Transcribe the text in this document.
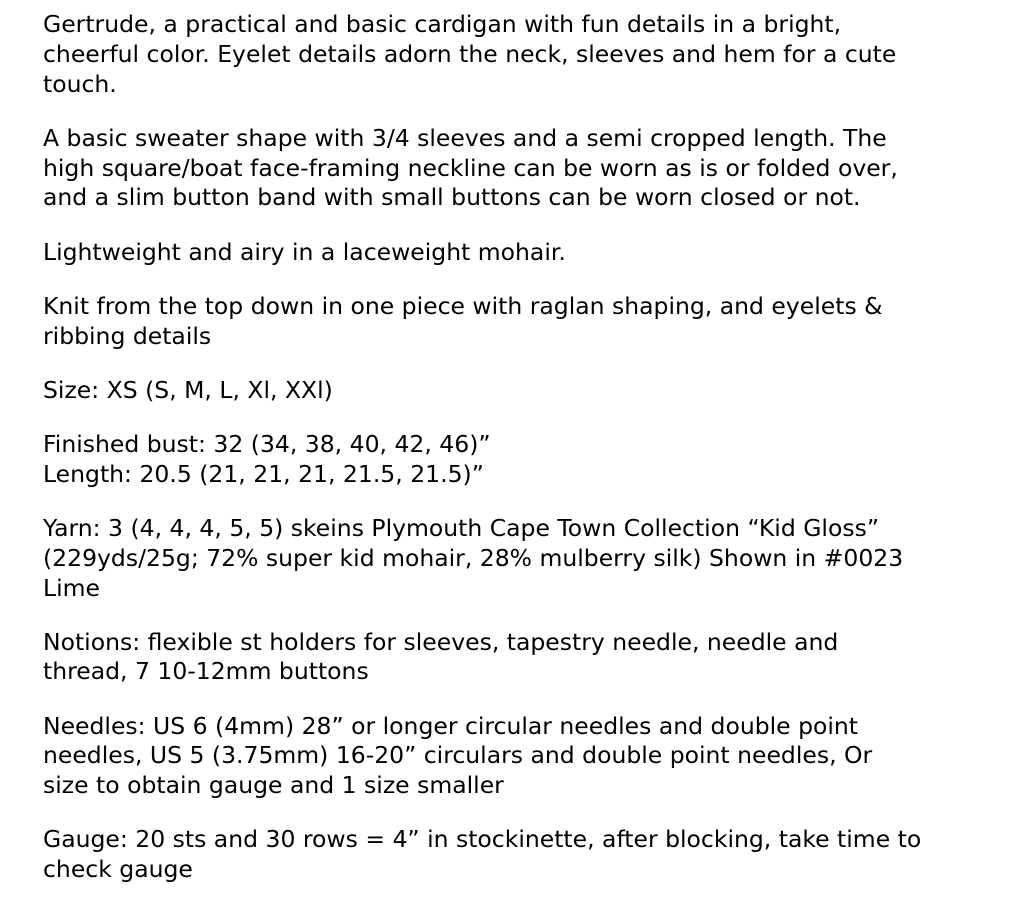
Gertrude, a practical and basic cardigan with fun details in a bright,
cheerful color. Eyelet details adorn the neck, sleeves and hem for a cute
touch.

A basic sweater shape with 3/4 sleeves and a semi cropped length. The
high square/boat face-framing neckline can be worn as is or folded over,
and a slim button band with small buttons can be worn closed or not.

Lightweight and airy in a laceweight mohair.

Knit from the top down in one piece with raglan shaping, and eyelets &
ribbing details

Size: XS (S, M, L, Xl, XXl)

Finished bust: 32 (34, 38, 40, 42, 46)”
Length: 20.5 (21, 21, 21, 21.5, 21.5)”

Yarn: 3 (4, 4, 4, 5, 5) skeins Plymouth Cape Town Collection “Kid Gloss”
(229yds/25g; 72% super kid mohair, 28% mulberry silk) Shown in #0023
Lime

Notions: flexible st holders for sleeves, tapestry needle, needle and
thread, 7 10-12mm buttons

Needles: US 6 (4mm) 28” or longer circular needles and double point
needles, US 5 (3.75mm) 16-20” circulars and double point needles, Or
size to obtain gauge and 1 size smaller

Gauge: 20 sts and 30 rows = 4” in stockinette, after blocking, take time to
check gauge
